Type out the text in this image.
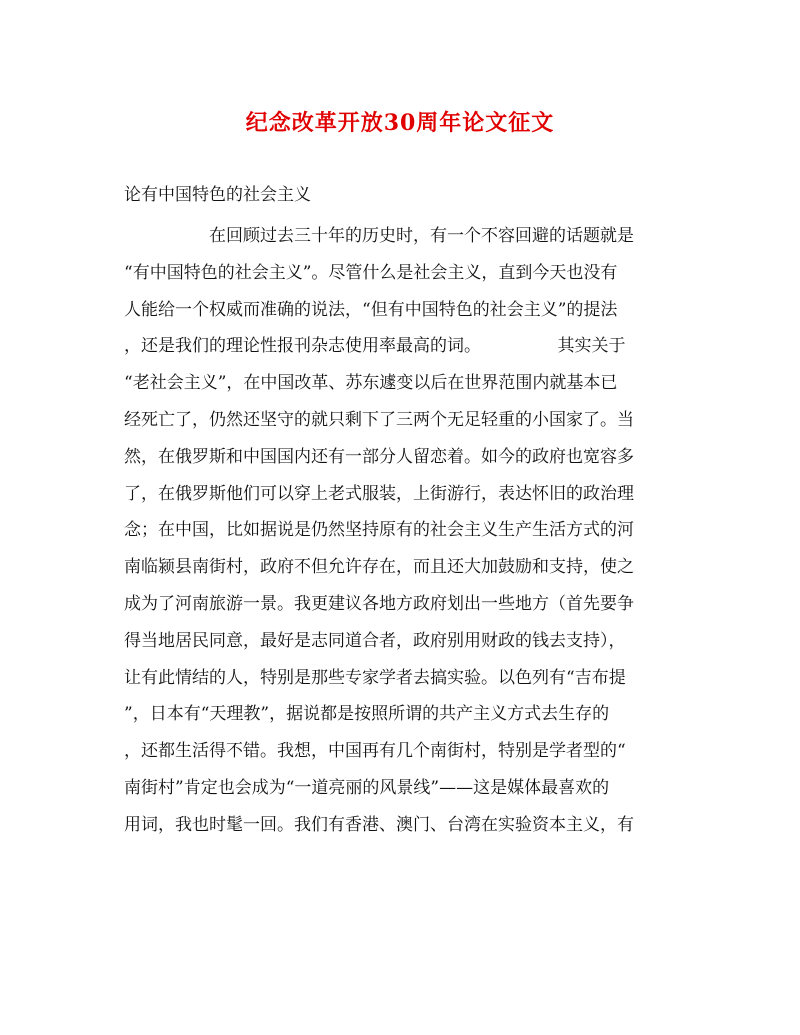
纪念改革开放30周年论文征文
论有中国特色的社会主义
　　　　　在回顾过去三十年的历史时，有一个不容回避的话题就是
“有中国特色的社会主义”。尽管什么是社会主义，直到今天也没有
人能给一个权威而准确的说法，“但有中国特色的社会主义”的提法
，还是我们的理论性报刊杂志使用率最高的词。　　　　　其实关于
“老社会主义”，在中国改革、苏东遽变以后在世界范围内就基本已
经死亡了，仍然还坚守的就只剩下了三两个无足轻重的小国家了。当
然，在俄罗斯和中国国内还有一部分人留恋着。如今的政府也宽容多
了，在俄罗斯他们可以穿上老式服装，上街游行，表达怀旧的政治理
念；在中国，比如据说是仍然坚持原有的社会主义生产生活方式的河
南临颍县南街村，政府不但允许存在，而且还大加鼓励和支持，使之
成为了河南旅游一景。我更建议各地方政府划出一些地方（首先要争
得当地居民同意，最好是志同道合者，政府别用财政的钱去支持），
让有此情结的人，特别是那些专家学者去搞实验。以色列有“吉布提
”，日本有“天理教”，据说都是按照所谓的共产主义方式去生存的
，还都生活得不错。我想，中国再有几个南街村，特别是学者型的“
南街村”肯定也会成为“一道亮丽的风景线”——这是媒体最喜欢的
用词，我也时髦一回。我们有香港、澳门、台湾在实验资本主义，有
